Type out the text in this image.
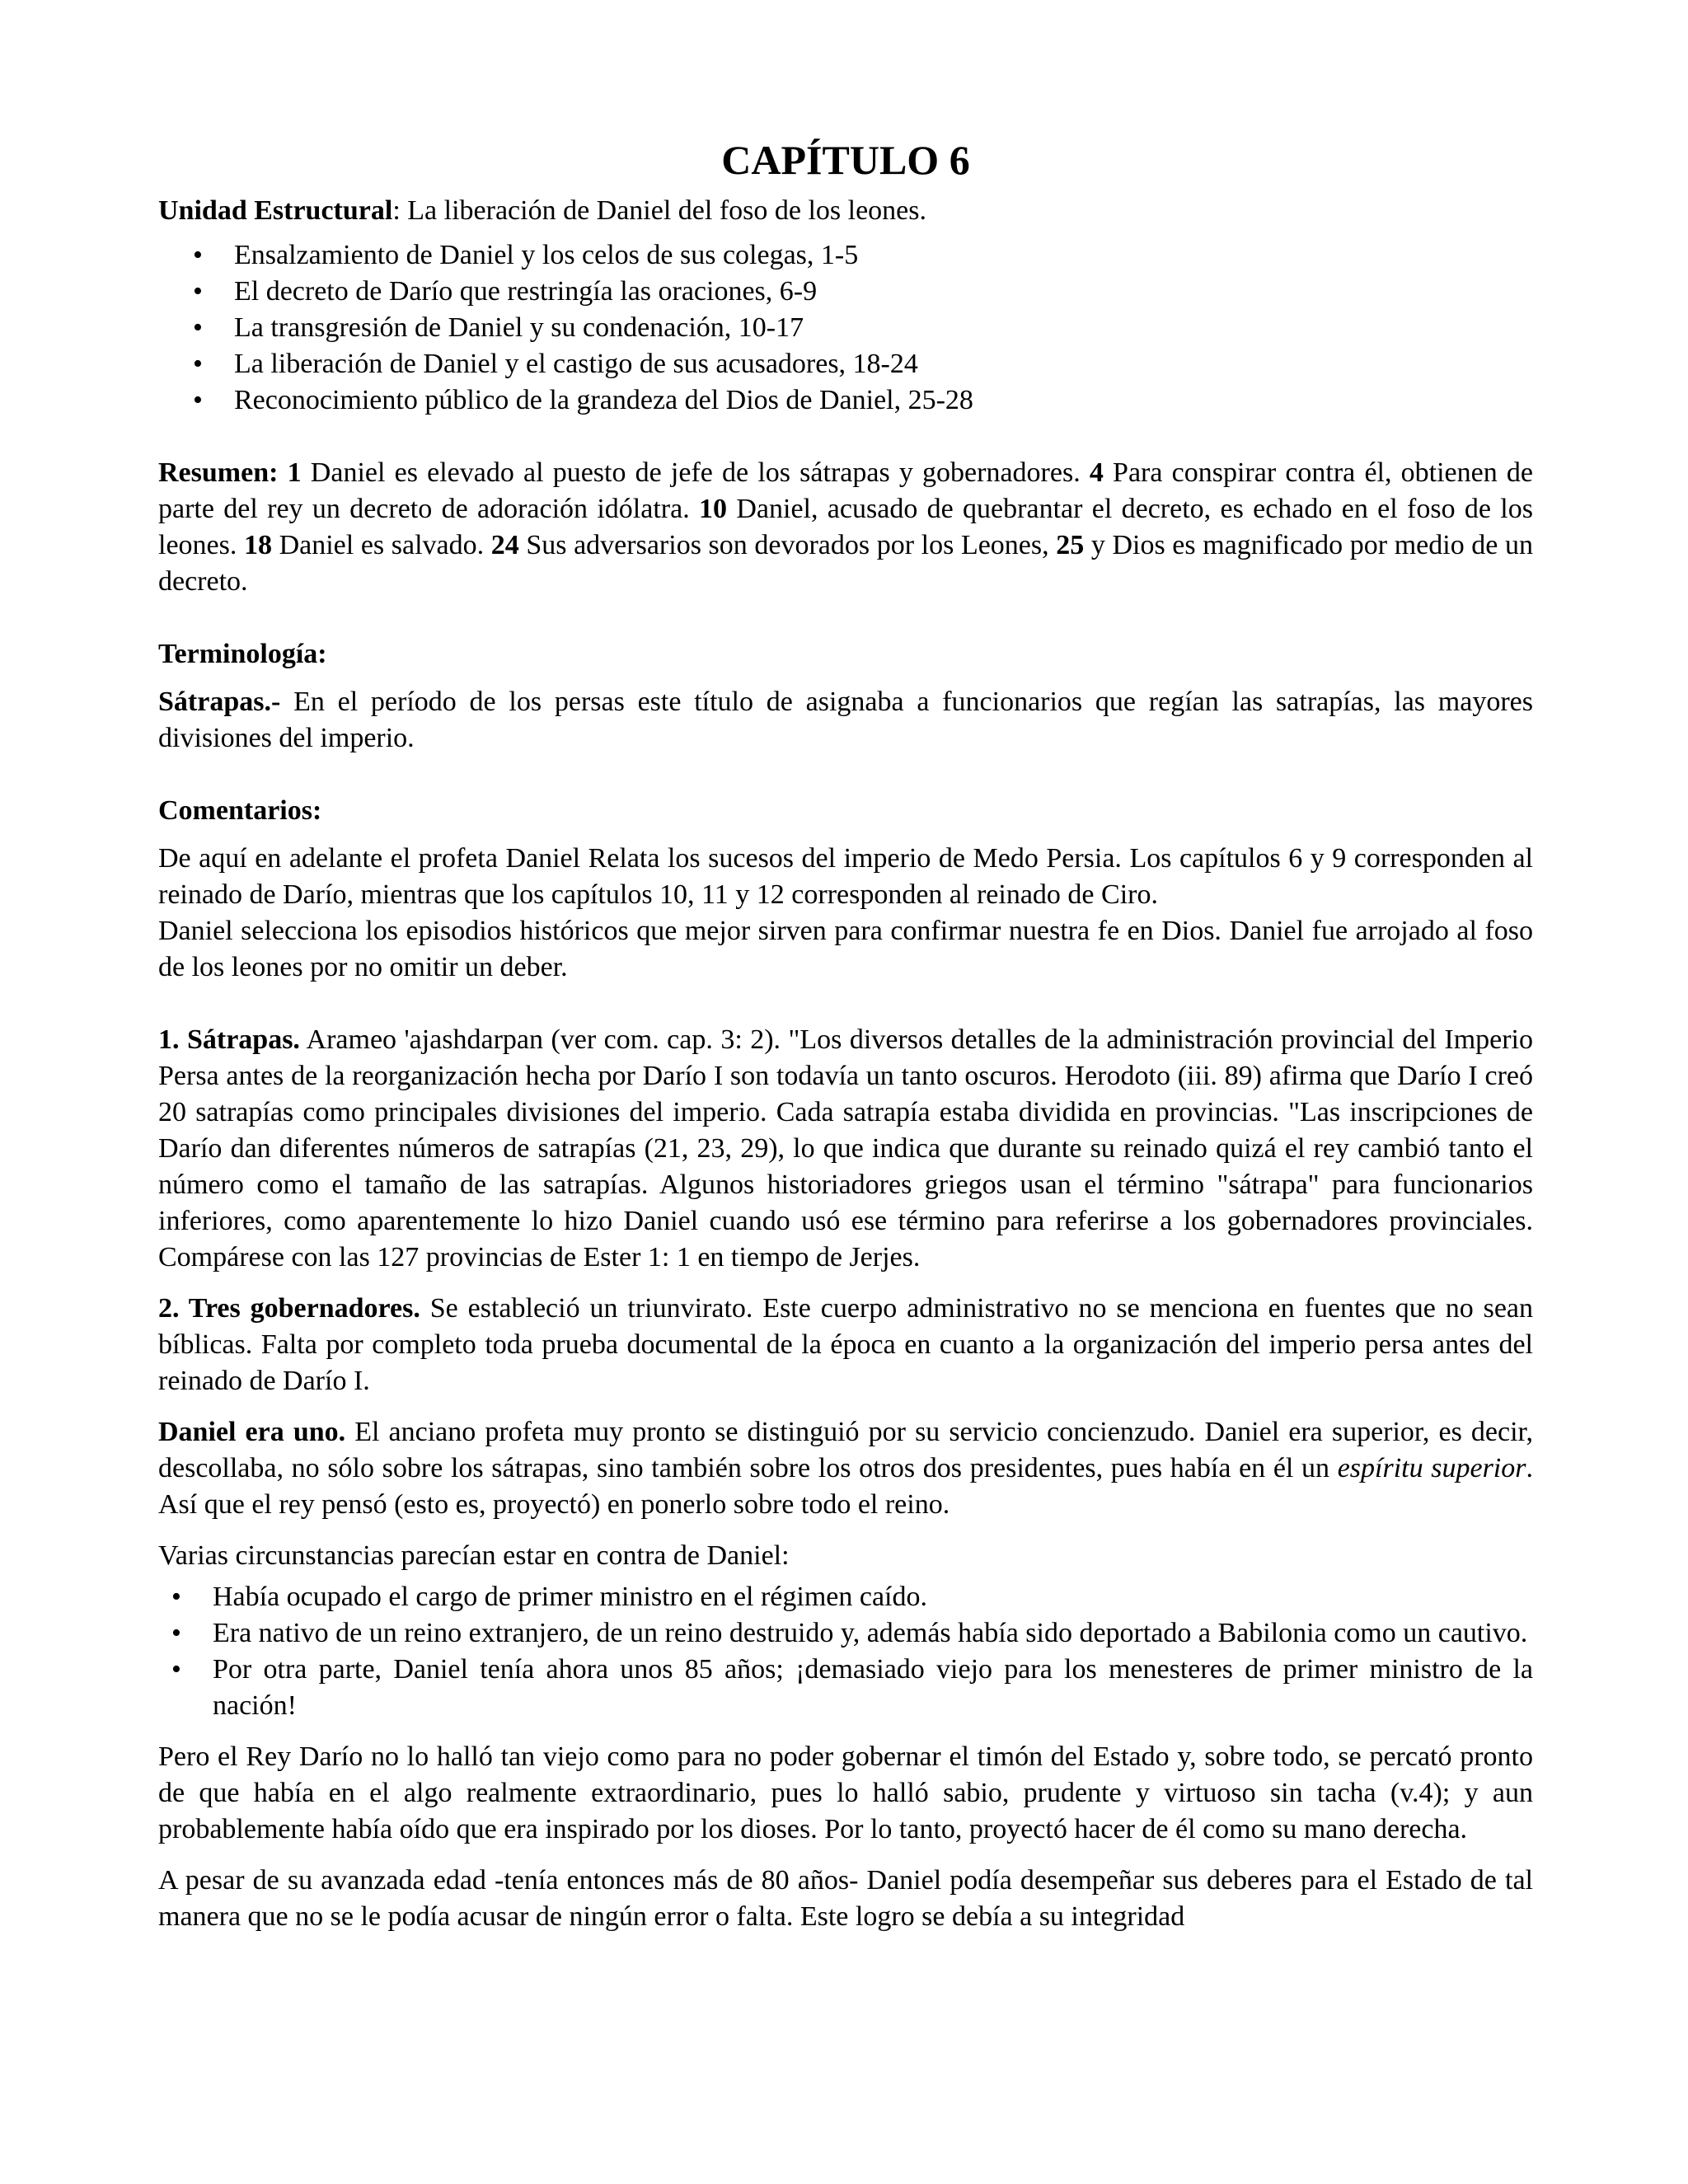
CAPÍTULO 6

Unidad Estructural: La liberación de Daniel del foso de los leones.

• Ensalzamiento de Daniel y los celos de sus colegas, 1-5
• El decreto de Darío que restringía las oraciones, 6-9
• La transgresión de Daniel y su condenación, 10-17
• La liberación de Daniel y el castigo de sus acusadores, 18-24
• Reconocimiento público de la grandeza del Dios de Daniel, 25-28

Resumen: 1 Daniel es elevado al puesto de jefe de los sátrapas y gobernadores. 4 Para conspirar contra él, obtienen de parte del rey un decreto de adoración idólatra. 10 Daniel, acusado de quebrantar el decreto, es echado en el foso de los leones. 18 Daniel es salvado. 24 Sus adversarios son devorados por los Leones, 25 y Dios es magnificado por medio de un decreto.

Terminología:

Sátrapas.- En el período de los persas este título de asignaba a funcionarios que regían las satrapías, las mayores divisiones del imperio.

Comentarios:

De aquí en adelante el profeta Daniel Relata los sucesos del imperio de Medo Persia. Los capítulos 6 y 9 corresponden al reinado de Darío, mientras que los capítulos 10, 11 y 12 corresponden al reinado de Ciro.

Daniel selecciona los episodios históricos que mejor sirven para confirmar nuestra fe en Dios. Daniel fue arrojado al foso de los leones por no omitir un deber.

1. Sátrapas. Arameo 'ajashdarpan (ver com. cap. 3: 2). "Los diversos detalles de la administración provincial del Imperio Persa antes de la reorganización hecha por Darío I son todavía un tanto oscuros. Herodoto (iii. 89) afirma que Darío I creó 20 satrapías como principales divisiones del imperio. Cada satrapía estaba dividida en provincias. "Las inscripciones de Darío dan diferentes números de satrapías (21, 23, 29), lo que indica que durante su reinado quizá el rey cambió tanto el número como el tamaño de las satrapías. Algunos historiadores griegos usan el término "sátrapa" para funcionarios inferiores, como aparentemente lo hizo Daniel cuando usó ese término para referirse a los gobernadores provinciales. Compárese con las 127 provincias de Ester 1: 1 en tiempo de Jerjes.

2. Tres gobernadores. Se estableció un triunvirato. Este cuerpo administrativo no se menciona en fuentes que no sean bíblicas. Falta por completo toda prueba documental de la época en cuanto a la organización del imperio persa antes del reinado de Darío I.

Daniel era uno. El anciano profeta muy pronto se distinguió por su servicio concienzudo. Daniel era superior, es decir, descollaba, no sólo sobre los sátrapas, sino también sobre los otros dos presidentes, pues había en él un espíritu superior. Así que el rey pensó (esto es, proyectó) en ponerlo sobre todo el reino.

Varias circunstancias parecían estar en contra de Daniel:

• Había ocupado el cargo de primer ministro en el régimen caído.
• Era nativo de un reino extranjero, de un reino destruido y, además había sido deportado a Babilonia como un cautivo.
• Por otra parte, Daniel tenía ahora unos 85 años; ¡demasiado viejo para los menesteres de primer ministro de la nación!

Pero el Rey Darío no lo halló tan viejo como para no poder gobernar el timón del Estado y, sobre todo, se percató pronto de que había en el algo realmente extraordinario, pues lo halló sabio, prudente y virtuoso sin tacha (v.4); y aun probablemente había oído que era inspirado por los dioses. Por lo tanto, proyectó hacer de él como su mano derecha.

A pesar de su avanzada edad -tenía entonces más de 80 años- Daniel podía desempeñar sus deberes para el Estado de tal manera que no se le podía acusar de ningún error o falta. Este logro se debía a su integridad
